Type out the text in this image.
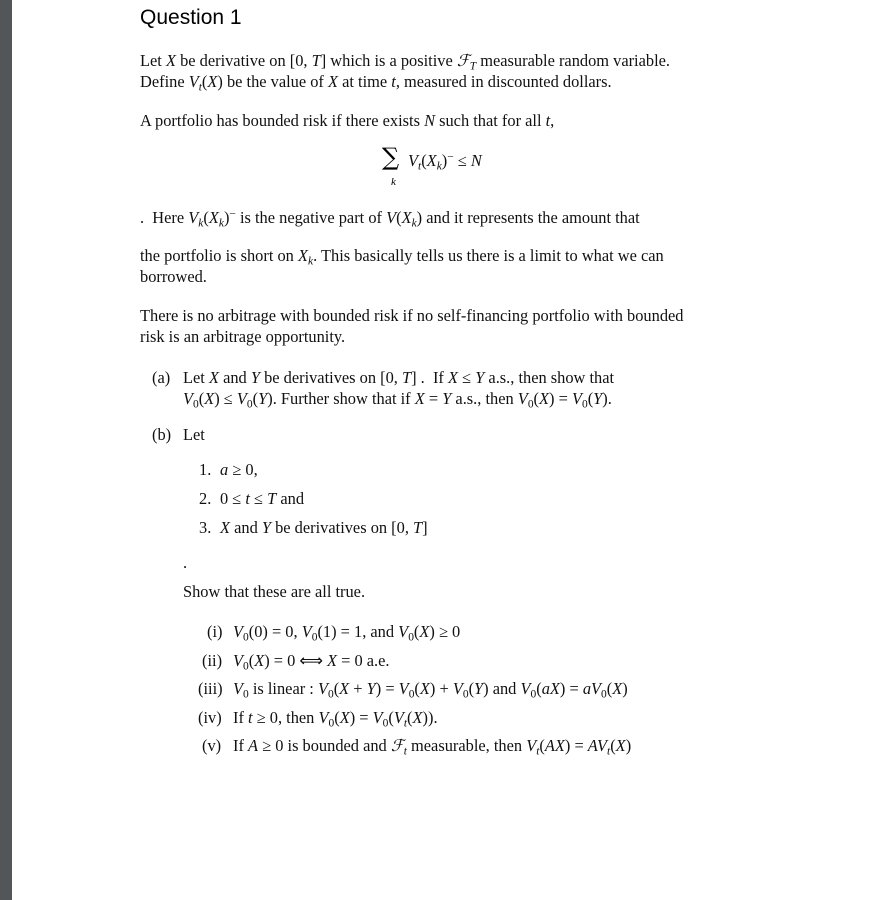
Question 1
Let X be derivative on [0, T] which is a positive ℱ$_T$ measurable random variable.
Define $V_t(X)$ be the value of X at time t, measured in discounted dollars.
A portfolio has bounded risk if there exists N such that for all t,
∑
k
$V_t(X_k)^- \le N$
.  Here $V_k(X_k)^-$ is the negative part of $V(X_k)$ and it represents the amount that
the portfolio is short on $X_k$. This basically tells us there is a limit to what we can
borrowed.
There is no arbitrage with bounded risk if no self-financing portfolio with bounded
risk is an arbitrage opportunity.
(a) Let X and Y be derivatives on [0, T] .  If X ≤ Y a.s., then show that
$V_0(X) \le V_0(Y)$. Further show that if X = Y a.s., then $V_0(X) = V_0(Y)$.
(b) Let
1. a ≥ 0,
2. 0 ≤ t ≤ T and
3. X and Y be derivatives on [0, T]
.
Show that these are all true.
(i) $V_0(0) = 0$, $V_0(1) = 1$, and $V_0(X) \ge 0$
(ii) $V_0(X) = 0$ ⟺ X = 0 a.e.
(iii) $V_0$ is linear : $V_0(X + Y) = V_0(X) + V_0(Y)$ and $V_0(aX) = aV_0(X)$
(iv) If t ≥ 0, then $V_0(X) = V_0(V_t(X))$.
(v) If A ≥ 0 is bounded and ℱ$_t$ measurable, then $V_t(AX) = AV_t(X)$
